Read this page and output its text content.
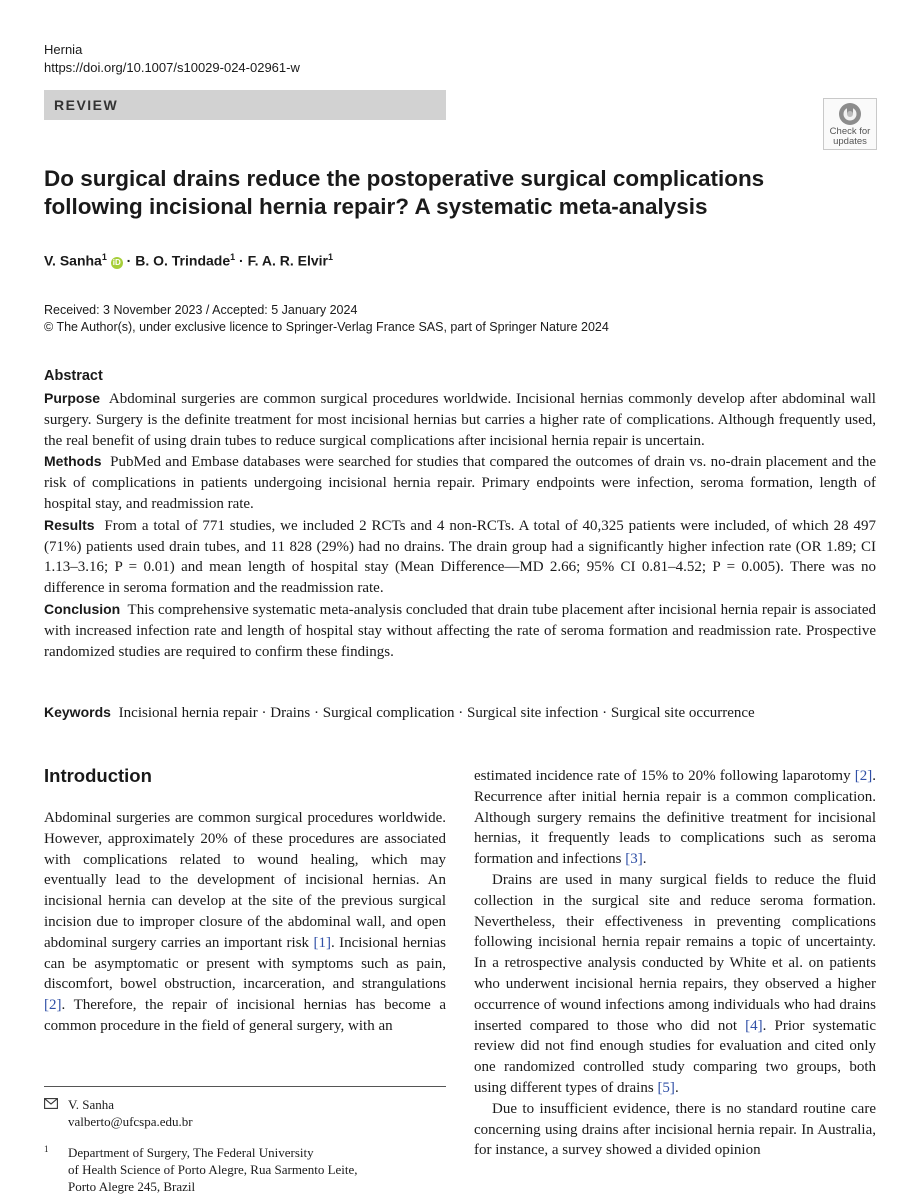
Hernia
https://doi.org/10.1007/s10029-024-02961-w
REVIEW
Check for
updates
Do surgical drains reduce the postoperative surgical complications following incisional hernia repair? A systematic meta-analysis
V. Sanha$^1$ iD · B. O. Trindade$^1$ · F. A. R. Elvir$^1$
Received: 3 November 2023 / Accepted: 5 January 2024
© The Author(s), under exclusive licence to Springer-Verlag France SAS, part of Springer Nature 2024
Abstract

Purpose Abdominal surgeries are common surgical procedures worldwide. Incisional hernias commonly develop after abdominal wall surgery. Surgery is the definite treatment for most incisional hernias but carries a higher rate of complications. Although frequently used, the real benefit of using drain tubes to reduce surgical complications after incisional hernia repair is uncertain.

Methods PubMed and Embase databases were searched for studies that compared the outcomes of drain vs. no-drain placement and the risk of complications in patients undergoing incisional hernia repair. Primary endpoints were infection, seroma formation, length of hospital stay, and readmission rate.

Results From a total of 771 studies, we included 2 RCTs and 4 non-RCTs. A total of 40,325 patients were included, of which 28 497 (71%) patients used drain tubes, and 11 828 (29%) had no drains. The drain group had a significantly higher infection rate (OR 1.89; CI 1.13–3.16; P = 0.01) and mean length of hospital stay (Mean Difference—MD 2.66; 95% CI 0.81–4.52; P = 0.005). There was no difference in seroma formation and the readmission rate.

Conclusion This comprehensive systematic meta-analysis concluded that drain tube placement after incisional hernia repair is associated with increased infection rate and length of hospital stay without affecting the rate of seroma formation and readmission rate. Prospective randomized studies are required to confirm these findings.

Keywords Incisional hernia repair · Drains · Surgical complication · Surgical site infection · Surgical site occurrence
Introduction

Abdominal surgeries are common surgical procedures worldwide. However, approximately 20% of these procedures are associated with complications related to wound healing, which may eventually lead to the development of incisional hernias. An incisional hernia can develop at the site of the previous surgical incision due to improper closure of the abdominal wall, and open abdominal surgery carries an important risk [1]. Incisional hernias can be asymptomatic or present with symptoms such as pain, discomfort, bowel obstruction, incarceration, and strangulations [2]. Therefore, the repair of incisional hernias has become a common procedure in the field of general surgery, with an

estimated incidence rate of 15% to 20% following laparotomy [2]. Recurrence after initial hernia repair is a common complication. Although surgery remains the definitive treatment for incisional hernias, it frequently leads to complications such as seroma formation and infections [3].

Drains are used in many surgical fields to reduce the fluid collection in the surgical site and reduce seroma formation. Nevertheless, their effectiveness in preventing complications following incisional hernia repair remains a topic of uncertainty. In a retrospective analysis conducted by White et al. on patients who underwent incisional hernia repairs, they observed a higher occurrence of wound infections among individuals who had drains inserted compared to those who did not [4]. Prior systematic review did not find enough studies for evaluation and cited only one randomized controlled study comparing two groups, both using different types of drains [5].

Due to insufficient evidence, there is no standard routine care concerning using drains after incisional hernia repair. In Australia, for instance, a survey showed a divided opinion

V. Sanha
valberto@ufcspa.edu.br
1 Department of Surgery, The Federal University
of Health Science of Porto Alegre, Rua Sarmento Leite,
Porto Alegre 245, Brazil
